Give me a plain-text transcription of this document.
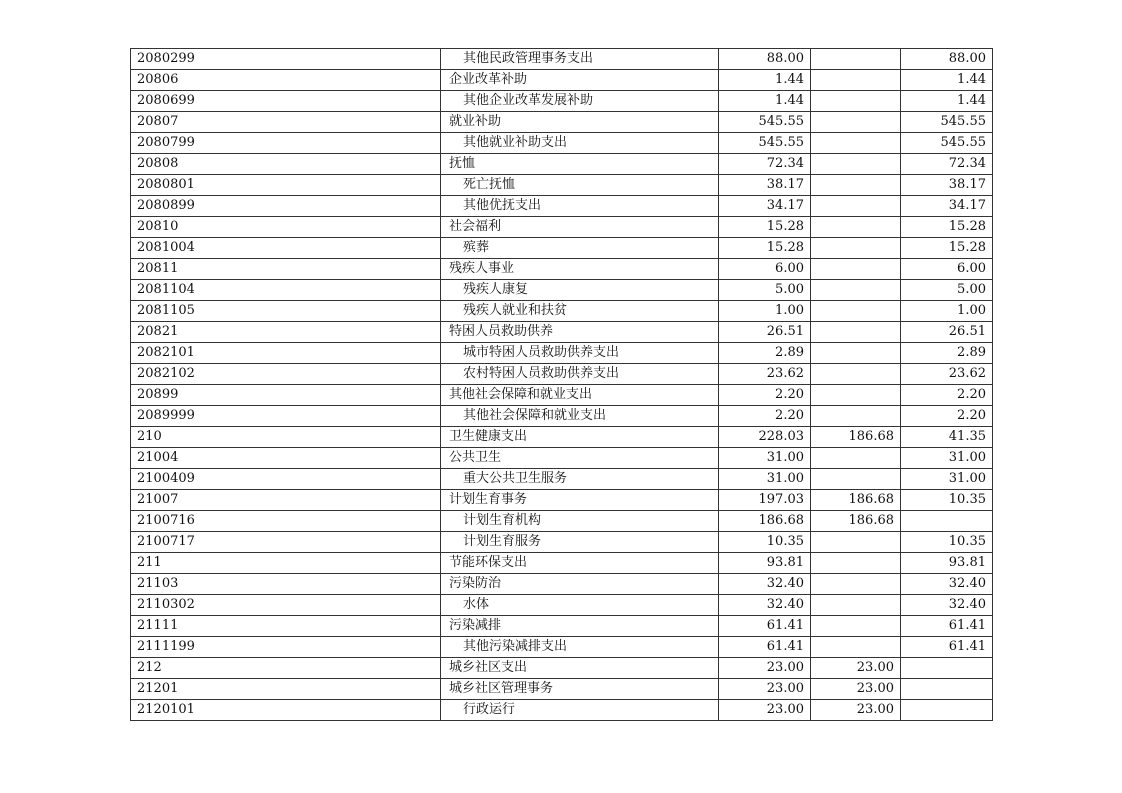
2080299	其他民政管理事务支出	88.00		88.00
20806	企业改革补助	1.44		1.44
2080699	其他企业改革发展补助	1.44		1.44
20807	就业补助	545.55		545.55
2080799	其他就业补助支出	545.55		545.55
20808	抚恤	72.34		72.34
2080801	死亡抚恤	38.17		38.17
2080899	其他优抚支出	34.17		34.17
20810	社会福利	15.28		15.28
2081004	殡葬	15.28		15.28
20811	残疾人事业	6.00		6.00
2081104	残疾人康复	5.00		5.00
2081105	残疾人就业和扶贫	1.00		1.00
20821	特困人员救助供养	26.51		26.51
2082101	城市特困人员救助供养支出	2.89		2.89
2082102	农村特困人员救助供养支出	23.62		23.62
20899	其他社会保障和就业支出	2.20		2.20
2089999	其他社会保障和就业支出	2.20		2.20
210	卫生健康支出	228.03	186.68	41.35
21004	公共卫生	31.00		31.00
2100409	重大公共卫生服务	31.00		31.00
21007	计划生育事务	197.03	186.68	10.35
2100716	计划生育机构	186.68	186.68	
2100717	计划生育服务	10.35		10.35
211	节能环保支出	93.81		93.81
21103	污染防治	32.40		32.40
2110302	水体	32.40		32.40
21111	污染减排	61.41		61.41
2111199	其他污染减排支出	61.41		61.41
212	城乡社区支出	23.00	23.00	
21201	城乡社区管理事务	23.00	23.00	
2120101	行政运行	23.00	23.00	
